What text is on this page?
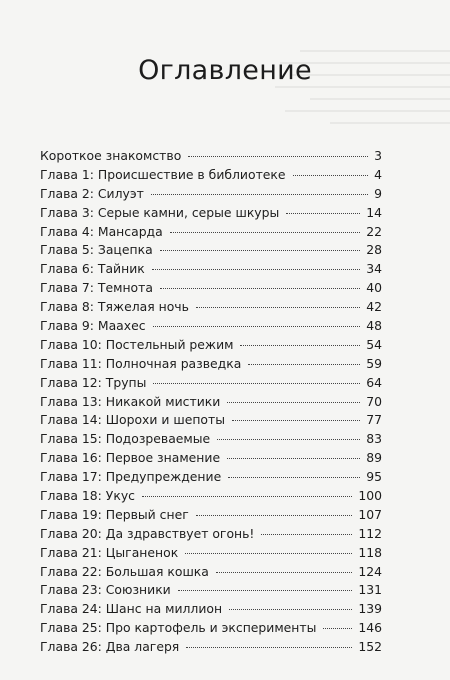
Оглавление
Короткое знакомство	3
Глава 1: Происшествие в библиотеке	4
Глава 2: Силуэт	9
Глава 3: Серые камни, серые шкуры	14
Глава 4: Мансарда	22
Глава 5: Зацепка	28
Глава 6: Тайник	34
Глава 7: Темнота	40
Глава 8: Тяжелая ночь	42
Глава 9: Маахес	48
Глава 10: Постельный режим	54
Глава 11: Полночная разведка	59
Глава 12: Трупы	64
Глава 13: Никакой мистики	70
Глава 14: Шорохи и шепоты	77
Глава 15: Подозреваемые	83
Глава 16: Первое знамение	89
Глава 17: Предупреждение	95
Глава 18: Укус	100
Глава 19: Первый снег	107
Глава 20: Да здравствует огонь!	112
Глава 21: Цыганенок	118
Глава 22: Большая кошка	124
Глава 23: Союзники	131
Глава 24: Шанс на миллион	139
Глава 25: Про картофель и эксперименты	146
Глава 26: Два лагеря	152
